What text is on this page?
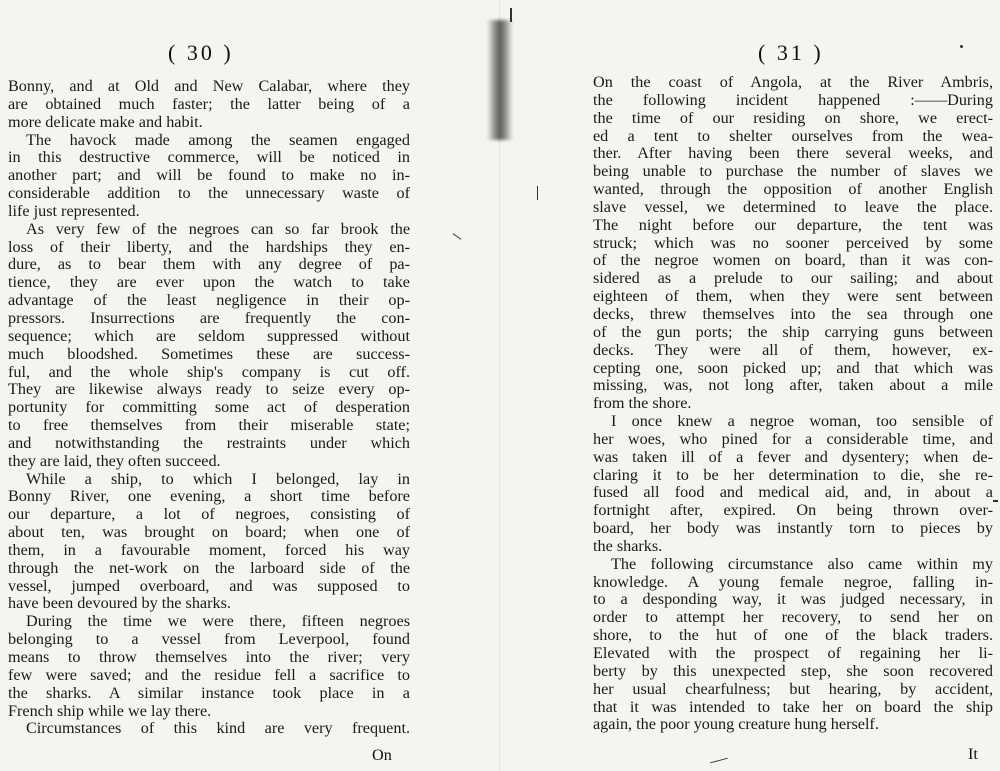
( 30 )
Bonny, and at Old and New Calabar, where they
are obtained much faster; the latter being of a
more delicate make and habit.
The havock made among the seamen engaged
in this destructive commerce, will be noticed in
another part; and will be found to make no in-
considerable addition to the unnecessary waste of
life just represented.
As very few of the negroes can so far brook the
loss of their liberty, and the hardships they en-
dure, as to bear them with any degree of pa-
tience, they are ever upon the watch to take
advantage of the least negligence in their op-
pressors. Insurrections are frequently the con-
sequence; which are seldom suppressed without
much bloodshed. Sometimes these are success-
ful, and the whole ship's company is cut off.
They are likewise always ready to seize every op-
portunity for committing some act of desperation
to free themselves from their miserable state;
and notwithstanding the restraints under which
they are laid, they often succeed.
While a ship, to which I belonged, lay in
Bonny River, one evening, a short time before
our departure, a lot of negroes, consisting of
about ten, was brought on board; when one of
them, in a favourable moment, forced his way
through the net-work on the larboard side of the
vessel, jumped overboard, and was supposed to
have been devoured by the sharks.
During the time we were there, fifteen negroes
belonging to a vessel from Leverpool, found
means to throw themselves into the river; very
few were saved; and the residue fell a sacrifice to
the sharks. A similar instance took place in a
French ship while we lay there.
Circumstances of this kind are very frequent.
On
( 31 )
On the coast of Angola, at the River Ambris,
the following incident happened :——During
the time of our residing on shore, we erect-
ed a tent to shelter ourselves from the wea-
ther. After having been there several weeks, and
being unable to purchase the number of slaves we
wanted, through the opposition of another English
slave vessel, we determined to leave the place.
The night before our departure, the tent was
struck; which was no sooner perceived by some
of the negroe women on board, than it was con-
sidered as a prelude to our sailing; and about
eighteen of them, when they were sent between
decks, threw themselves into the sea through one
of the gun ports; the ship carrying guns between
decks. They were all of them, however, ex-
cepting one, soon picked up; and that which was
missing, was, not long after, taken about a mile
from the shore.
I once knew a negroe woman, too sensible of
her woes, who pined for a considerable time, and
was taken ill of a fever and dysentery; when de-
claring it to be her determination to die, she re-
fused all food and medical aid, and, in about a
fortnight after, expired. On being thrown over-
board, her body was instantly torn to pieces by
the sharks.
The following circumstance also came within my
knowledge. A young female negroe, falling in-
to a desponding way, it was judged necessary, in
order to attempt her recovery, to send her on
shore, to the hut of one of the black traders.
Elevated with the prospect of regaining her li-
berty by this unexpected step, she soon recovered
her usual chearfulness; but hearing, by accident,
that it was intended to take her on board the ship
again, the poor young creature hung herself.
It
